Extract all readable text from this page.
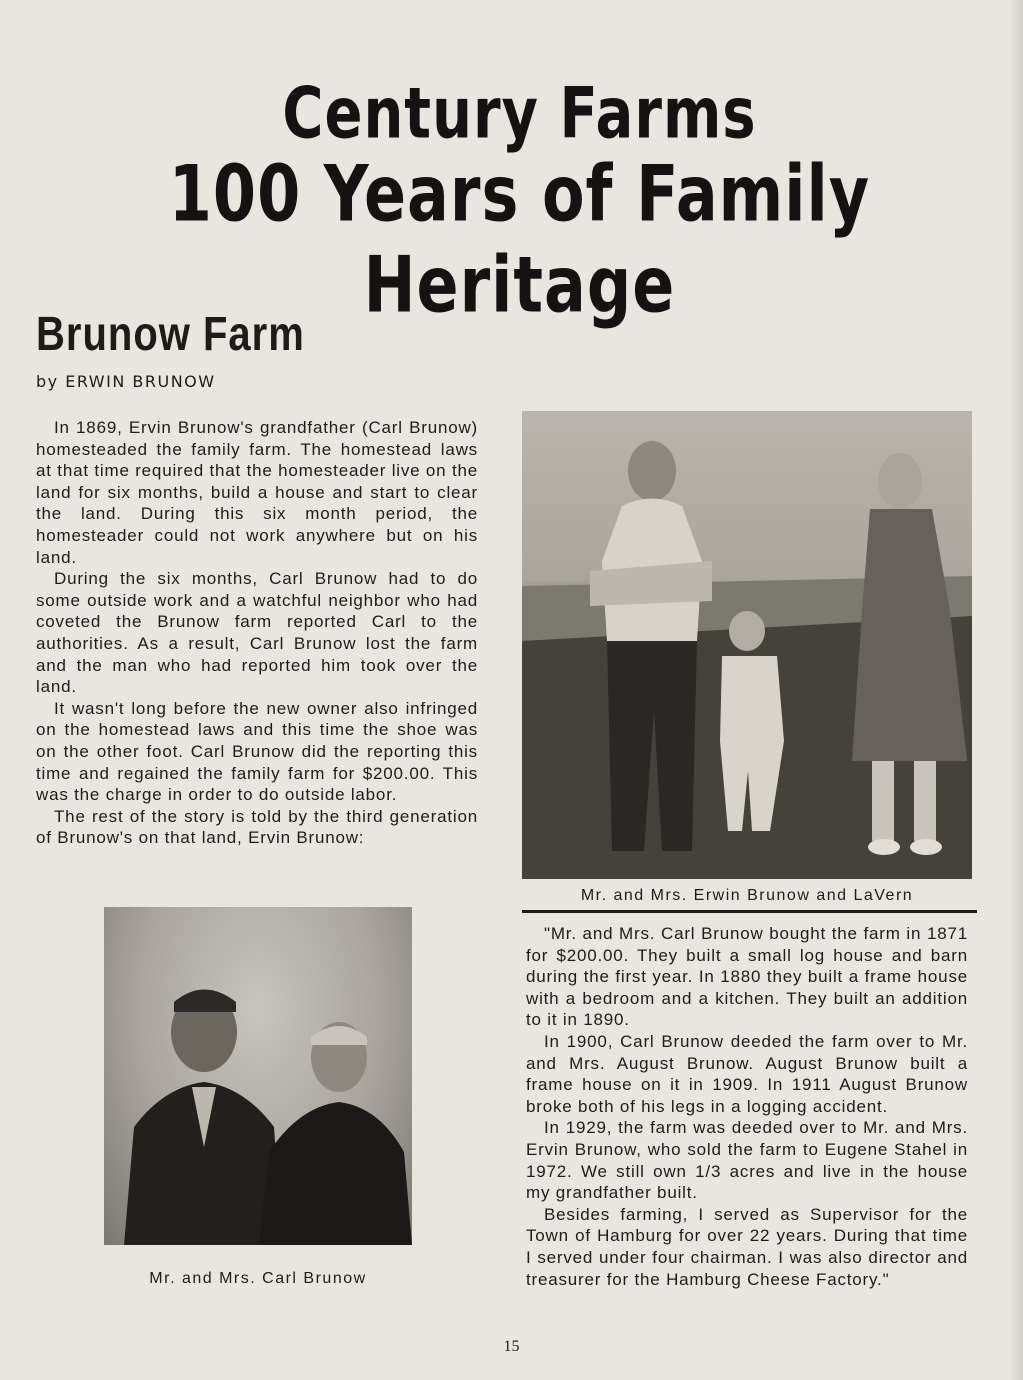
Century Farms
100 Years of Family Heritage
Brunow Farm
by ERWIN BRUNOW

In 1869, Ervin Brunow's grandfather (Carl Brunow) homesteaded the family farm. The homestead laws at that time required that the homesteader live on the land for six months, build a house and start to clear the land. During this six month period, the homesteader could not work anywhere but on his land.

During the six months, Carl Brunow had to do some outside work and a watchful neighbor who had coveted the Brunow farm reported Carl to the authorities. As a result, Carl Brunow lost the farm and the man who had reported him took over the land.

It wasn't long before the new owner also infringed on the homestead laws and this time the shoe was on the other foot. Carl Brunow did the reporting this time and regained the family farm for $200.00. This was the charge in order to do outside labor.

The rest of the story is told by the third generation of Brunow's on that land, Ervin Brunow:

Mr. and Mrs. Erwin Brunow and LaVern

"Mr. and Mrs. Carl Brunow bought the farm in 1871 for $200.00. They built a small log house and barn during the first year. In 1880 they built a frame house with a bedroom and a kitchen. They built an addition to it in 1890.

In 1900, Carl Brunow deeded the farm over to Mr. and Mrs. August Brunow. August Brunow built a frame house on it in 1909. In 1911 August Brunow broke both of his legs in a logging accident.

In 1929, the farm was deeded over to Mr. and Mrs. Ervin Brunow, who sold the farm to Eugene Stahel in 1972. We still own 1/3 acres and live in the house my grandfather built.

Besides farming, I served as Supervisor for the Town of Hamburg for over 22 years. During that time I served under four chairman. I was also director and treasurer for the Hamburg Cheese Factory."

Mr. and Mrs. Carl Brunow
15
